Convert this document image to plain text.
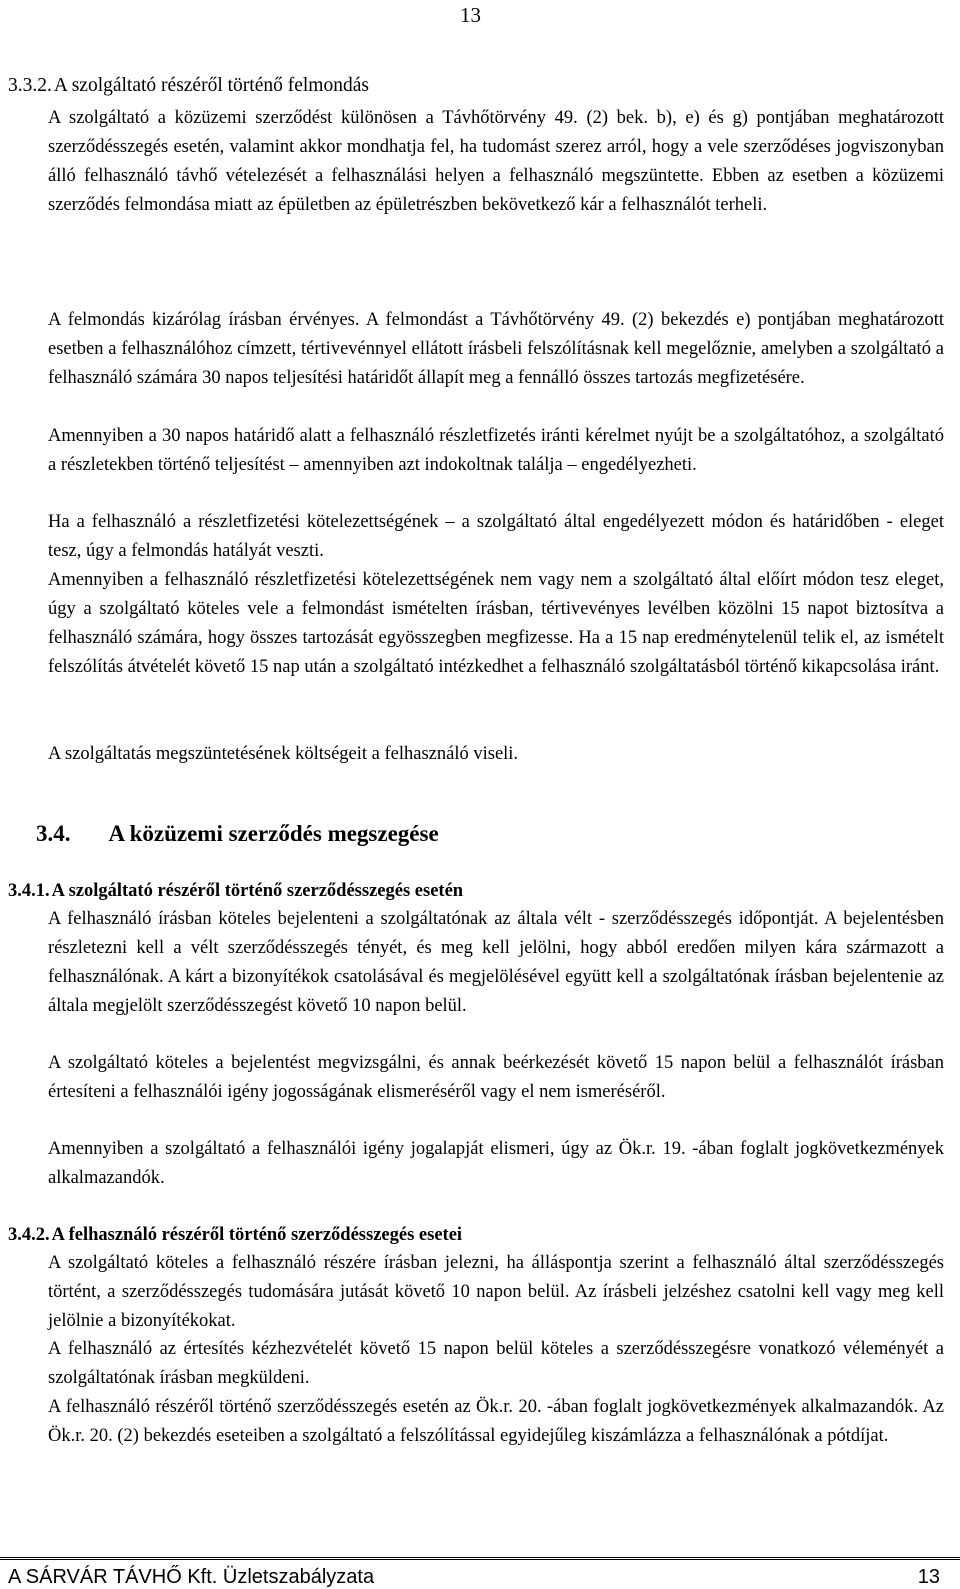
13
3.3.2. A szolgáltató részéről történő felmondás

A szolgáltató a közüzemi szerződést különösen a Távhőtörvény 49. (2) bek. b), e) és g) pontjában meghatározott szerződésszegés esetén, valamint akkor mondhatja fel, ha tudomást szerez arról, hogy a vele szerződéses jogviszonyban álló felhasználó távhő vételezését a felhasználási helyen a felhasználó megszüntette. Ebben az esetben a közüzemi szerződés felmondása miatt az épületben az épületrészben bekövetkező kár a felhasználót terheli.

A felmondás kizárólag írásban érvényes. A felmondást a Távhőtörvény 49. (2) bekezdés e) pontjában meghatározott esetben a felhasználóhoz címzett, tértivevénnyel ellátott írásbeli felszólításnak kell megelőznie, amelyben a szolgáltató a felhasználó számára 30 napos teljesítési határidőt állapít meg a fennálló összes tartozás megfizetésére.

Amennyiben a 30 napos határidő alatt a felhasználó részletfizetés iránti kérelmet nyújt be a szolgáltatóhoz, a szolgáltató a részletekben történő teljesítést – amennyiben azt indokoltnak találja – engedélyezheti.

Ha a felhasználó a részletfizetési kötelezettségének – a szolgáltató által engedélyezett módon és határidőben - eleget tesz, úgy a felmondás hatályát veszti.

Amennyiben a felhasználó részletfizetési kötelezettségének nem vagy nem a szolgáltató által előírt módon tesz eleget, úgy a szolgáltató köteles vele a felmondást ismételten írásban, tértivevényes levélben közölni 15 napot biztosítva a felhasználó számára, hogy összes tartozását egyösszegben megfizesse. Ha a 15 nap eredménytelenül telik el, az ismételt felszólítás átvételét követő 15 nap után a szolgáltató intézkedhet a felhasználó szolgáltatásból történő kikapcsolása iránt.

A szolgáltatás megszüntetésének költségeit a felhasználó viseli.

3.4. A közüzemi szerződés megszegése
3.4.1. A szolgáltató részéről történő szerződésszegés esetén

A felhasználó írásban köteles bejelenteni a szolgáltatónak az általa vélt - szerződésszegés időpontját. A bejelentésben részletezni kell a vélt szerződésszegés tényét, és meg kell jelölni, hogy abból eredően milyen kára származott a felhasználónak. A kárt a bizonyítékok csatolásával és megjelölésével együtt kell a szolgáltatónak írásban bejelentenie az általa megjelölt szerződésszegést követő 10 napon belül.

A szolgáltató köteles a bejelentést megvizsgálni, és annak beérkezését követő 15 napon belül a felhasználót írásban értesíteni a felhasználói igény jogosságának elismeréséről vagy el nem ismeréséről.

Amennyiben a szolgáltató a felhasználói igény jogalapját elismeri, úgy az Ök.r. 19. -ában foglalt jogkövetkezmények alkalmazandók.

3.4.2. A felhasználó részéről történő szerződésszegés esetei

A szolgáltató köteles a felhasználó részére írásban jelezni, ha álláspontja szerint a felhasználó által szerződésszegés történt, a szerződésszegés tudomására jutását követő 10 napon belül. Az írásbeli jelzéshez csatolni kell vagy meg kell jelölnie a bizonyítékokat.

A felhasználó az értesítés kézhezvételét követő 15 napon belül köteles a szerződésszegésre vonatkozó véleményét a szolgáltatónak írásban megküldeni.

A felhasználó részéről történő szerződésszegés esetén az Ök.r. 20. -ában foglalt jogkövetkezmények alkalmazandók. Az Ök.r. 20. (2) bekezdés eseteiben a szolgáltató a felszólítással egyidejűleg kiszámlázza a felhasználónak a pótdíjat.

A SÁRVÁR TÁVHŐ Kft. Üzletszabályzata	13
